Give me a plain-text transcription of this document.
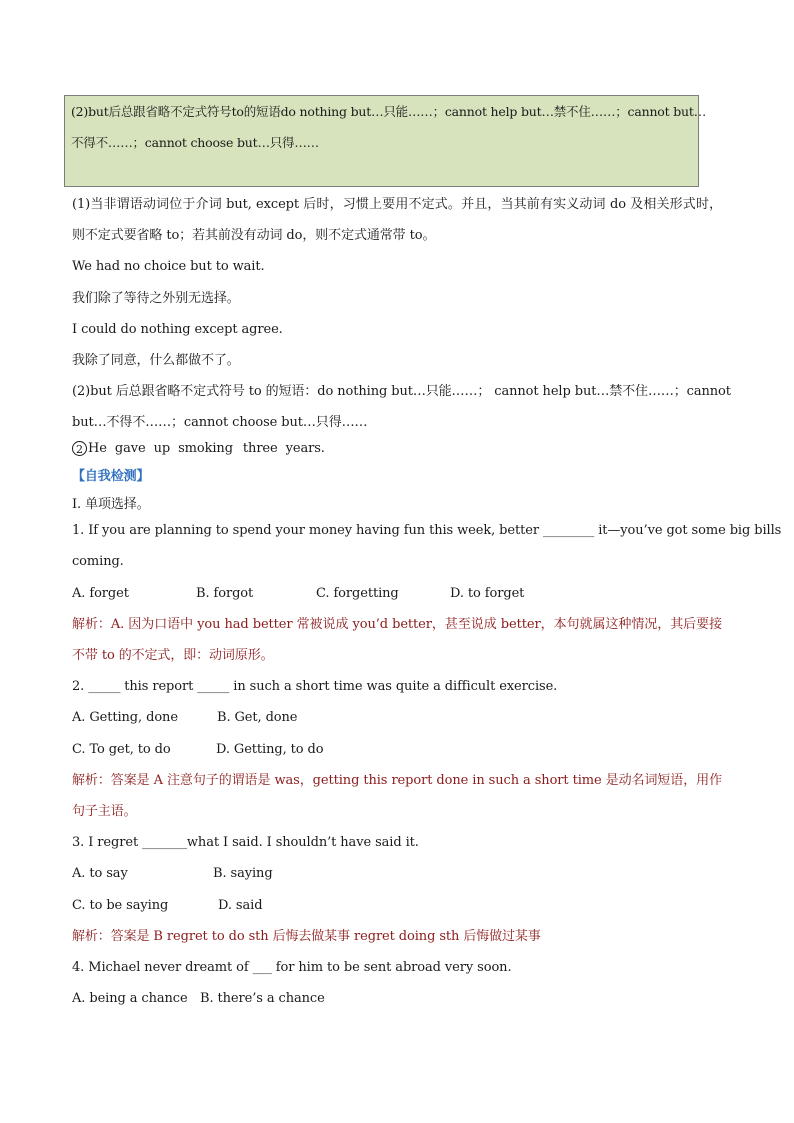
(2)but后总跟省略不定式符号to的短语do nothing but…只能……；cannot help but…禁不住……；cannot but…
不得不……；cannot choose but…只得……
(1)当非谓语动词位于介词 but, except 后时，习惯上要用不定式。并且，当其前有实义动词 do 及相关形式时，
则不定式要省略 to；若其前没有动词 do，则不定式通常带 to。
We had no choice but to wait.
我们除了等待之外别无选择。
I could do nothing except agree.
我除了同意，什么都做不了。
(2)but 后总跟省略不定式符号 to 的短语：do nothing but…只能……； cannot help but…禁不住……；cannot
but…不得不……；cannot choose but…只得……
2 He gave up smoking three years.
【自我检测】
I. 单项选择。
1. If you are planning to spend your money having fun this week, better ________ it—you’ve got some big bills
coming.
A. forget	B. forgot	C. forgetting	D. to forget
解析：A. 因为口语中 you had better 常被说成 you’d better，甚至说成 better，本句就属这种情况，其后要接
不带 to 的不定式，即：动词原形。
2. _____ this report _____ in such a short time was quite a difficult exercise.
A. Getting, done	B. Get, done
C. To get, to do	D. Getting, to do
解析：答案是 A 注意句子的谓语是 was，getting this report done in such a short time 是动名词短语，用作
句子主语。
3. I regret _______what I said. I shouldn’t have said it.
A. to say	B. saying
C. to be saying	D. said
解析：答案是 B regret to do sth 后悔去做某事 regret doing sth 后悔做过某事
4. Michael never dreamt of ___ for him to be sent abroad very soon.
A. being a chance B. there’s a chance
